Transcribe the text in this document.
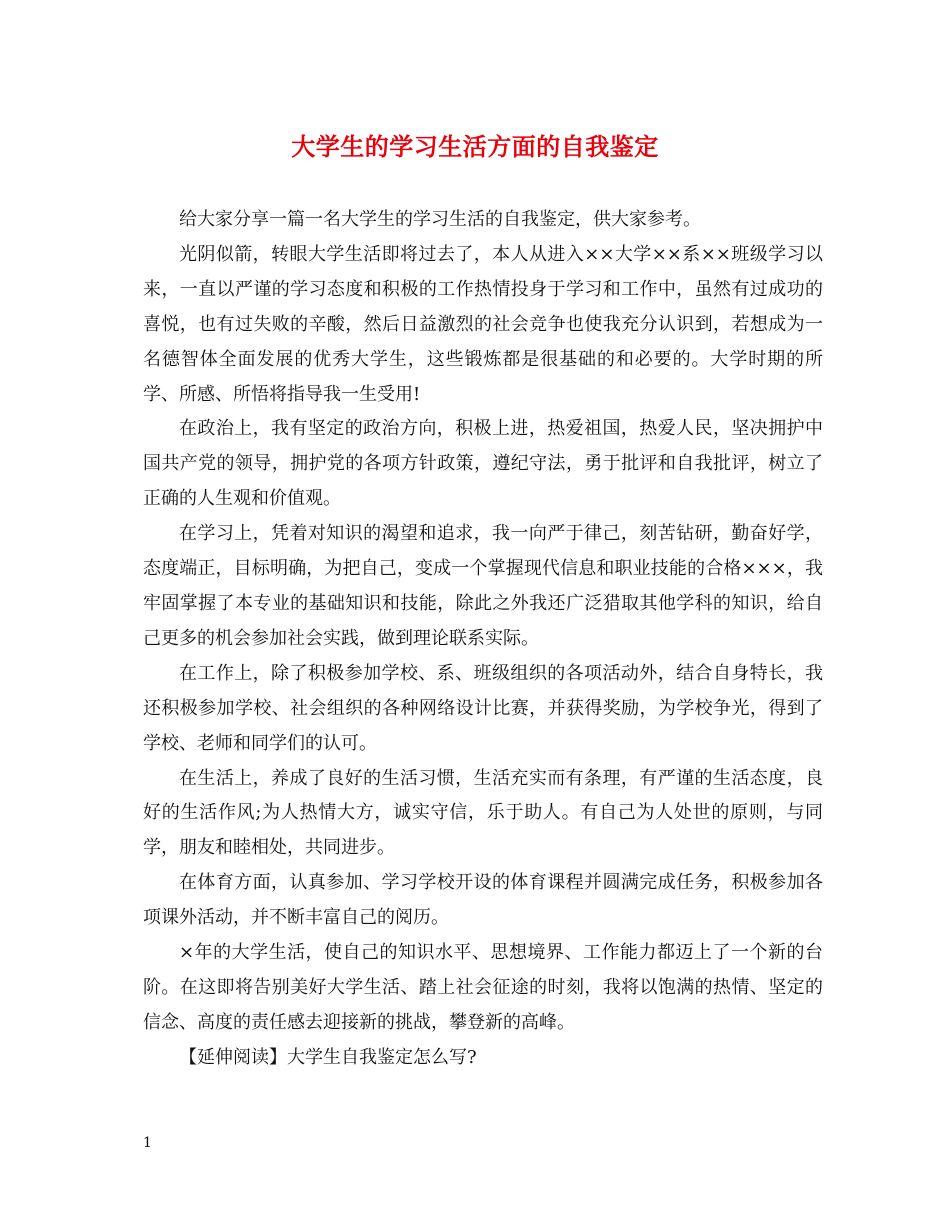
大学生的学习生活方面的自我鉴定

给大家分享一篇一名大学生的学习生活的自我鉴定，供大家参考。

光阴似箭，转眼大学生活即将过去了，本人从进入××大学××系××班级学习以来，一直以严谨的学习态度和积极的工作热情投身于学习和工作中，虽然有过成功的喜悦，也有过失败的辛酸，然后日益激烈的社会竞争也使我充分认识到，若想成为一名德智体全面发展的优秀大学生，这些锻炼都是很基础的和必要的。大学时期的所学、所感、所悟将指导我一生受用!

在政治上，我有坚定的政治方向，积极上进，热爱祖国，热爱人民，坚决拥护中国共产党的领导，拥护党的各项方针政策，遵纪守法，勇于批评和自我批评，树立了正确的人生观和价值观。

在学习上，凭着对知识的渴望和追求，我一向严于律己，刻苦钻研，勤奋好学，态度端正，目标明确，为把自己，变成一个掌握现代信息和职业技能的合格×××，我牢固掌握了本专业的基础知识和技能，除此之外我还广泛猎取其他学科的知识，给自己更多的机会参加社会实践，做到理论联系实际。

在工作上，除了积极参加学校、系、班级组织的各项活动外，结合自身特长，我还积极参加学校、社会组织的各种网络设计比赛，并获得奖励，为学校争光，得到了学校、老师和同学们的认可。

在生活上，养成了良好的生活习惯，生活充实而有条理，有严谨的生活态度，良好的生活作风;为人热情大方，诚实守信，乐于助人。有自己为人处世的原则，与同学，朋友和睦相处，共同进步。

在体育方面，认真参加、学习学校开设的体育课程并圆满完成任务，积极参加各项课外活动，并不断丰富自己的阅历。

×年的大学生活，使自己的知识水平、思想境界、工作能力都迈上了一个新的台阶。在这即将告别美好大学生活、踏上社会征途的时刻，我将以饱满的热情、坚定的信念、高度的责任感去迎接新的挑战，攀登新的高峰。

【延伸阅读】大学生自我鉴定怎么写?

1
